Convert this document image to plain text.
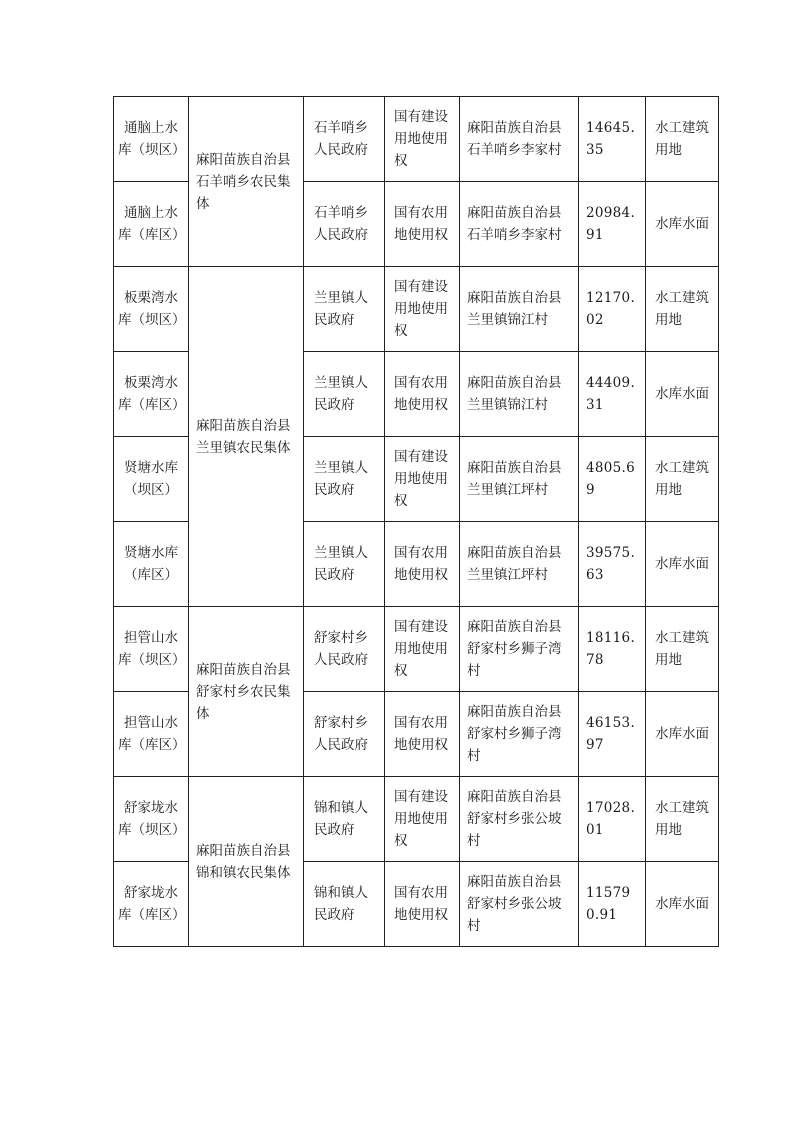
通脑上水库（坝区）	麻阳苗族自治县石羊哨乡农民集体	石羊哨乡人民政府	国有建设用地使用权	麻阳苗族自治县石羊哨乡李家村	14645.35	水工建筑用地
通脑上水库（库区）		石羊哨乡人民政府	国有农用地使用权	麻阳苗族自治县石羊哨乡李家村	20984.91	水库水面
板栗湾水库（坝区）	麻阳苗族自治县兰里镇农民集体	兰里镇人民政府	国有建设用地使用权	麻阳苗族自治县兰里镇锦江村	12170.02	水工建筑用地
板栗湾水库（库区）		兰里镇人民政府	国有农用地使用权	麻阳苗族自治县兰里镇锦江村	44409.31	水库水面
贤塘水库（坝区）		兰里镇人民政府	国有建设用地使用权	麻阳苗族自治县兰里镇江坪村	4805.69	水工建筑用地
贤塘水库（库区）		兰里镇人民政府	国有农用地使用权	麻阳苗族自治县兰里镇江坪村	39575.63	水库水面
担管山水库（坝区）	麻阳苗族自治县舒家村乡农民集体	舒家村乡人民政府	国有建设用地使用权	麻阳苗族自治县舒家村乡狮子湾村	18116.78	水工建筑用地
担管山水库（库区）		舒家村乡人民政府	国有农用地使用权	麻阳苗族自治县舒家村乡狮子湾村	46153.97	水库水面
舒家垅水库（坝区）	麻阳苗族自治县锦和镇农民集体	锦和镇人民政府	国有建设用地使用权	麻阳苗族自治县舒家村乡张公坡村	17028.01	水工建筑用地
舒家垅水库（库区）		锦和镇人民政府	国有农用地使用权	麻阳苗族自治县舒家村乡张公坡村	115790.91	水库水面
